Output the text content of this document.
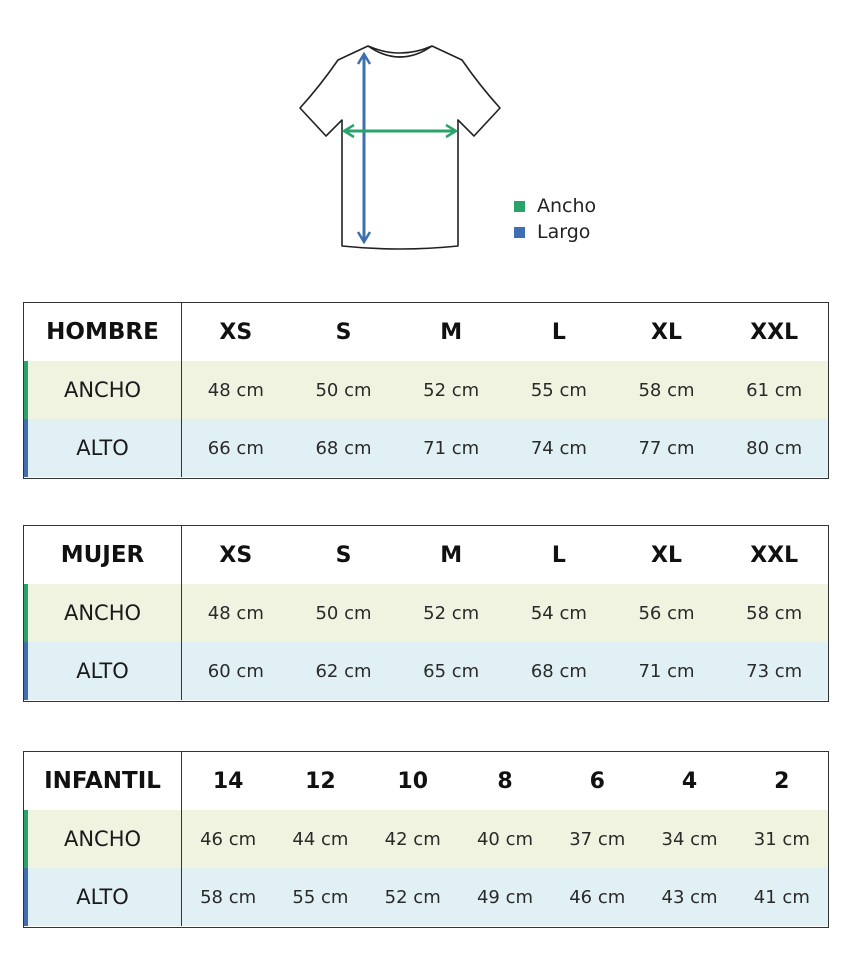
Ancho
Largo
HOMBRE	XS	S	M	L	XL	XXL
ANCHO	48 cm	50 cm	52 cm	55 cm	58 cm	61 cm
ALTO	66 cm	68 cm	71 cm	74 cm	77 cm	80 cm
MUJER	XS	S	M	L	XL	XXL
ANCHO	48 cm	50 cm	52 cm	54 cm	56 cm	58 cm
ALTO	60 cm	62 cm	65 cm	68 cm	71 cm	73 cm
INFANTIL	14	12	10	8	6	4	2
ANCHO	46 cm	44 cm	42 cm	40 cm	37 cm	34 cm	31 cm
ALTO	58 cm	55 cm	52 cm	49 cm	46 cm	43 cm	41 cm
